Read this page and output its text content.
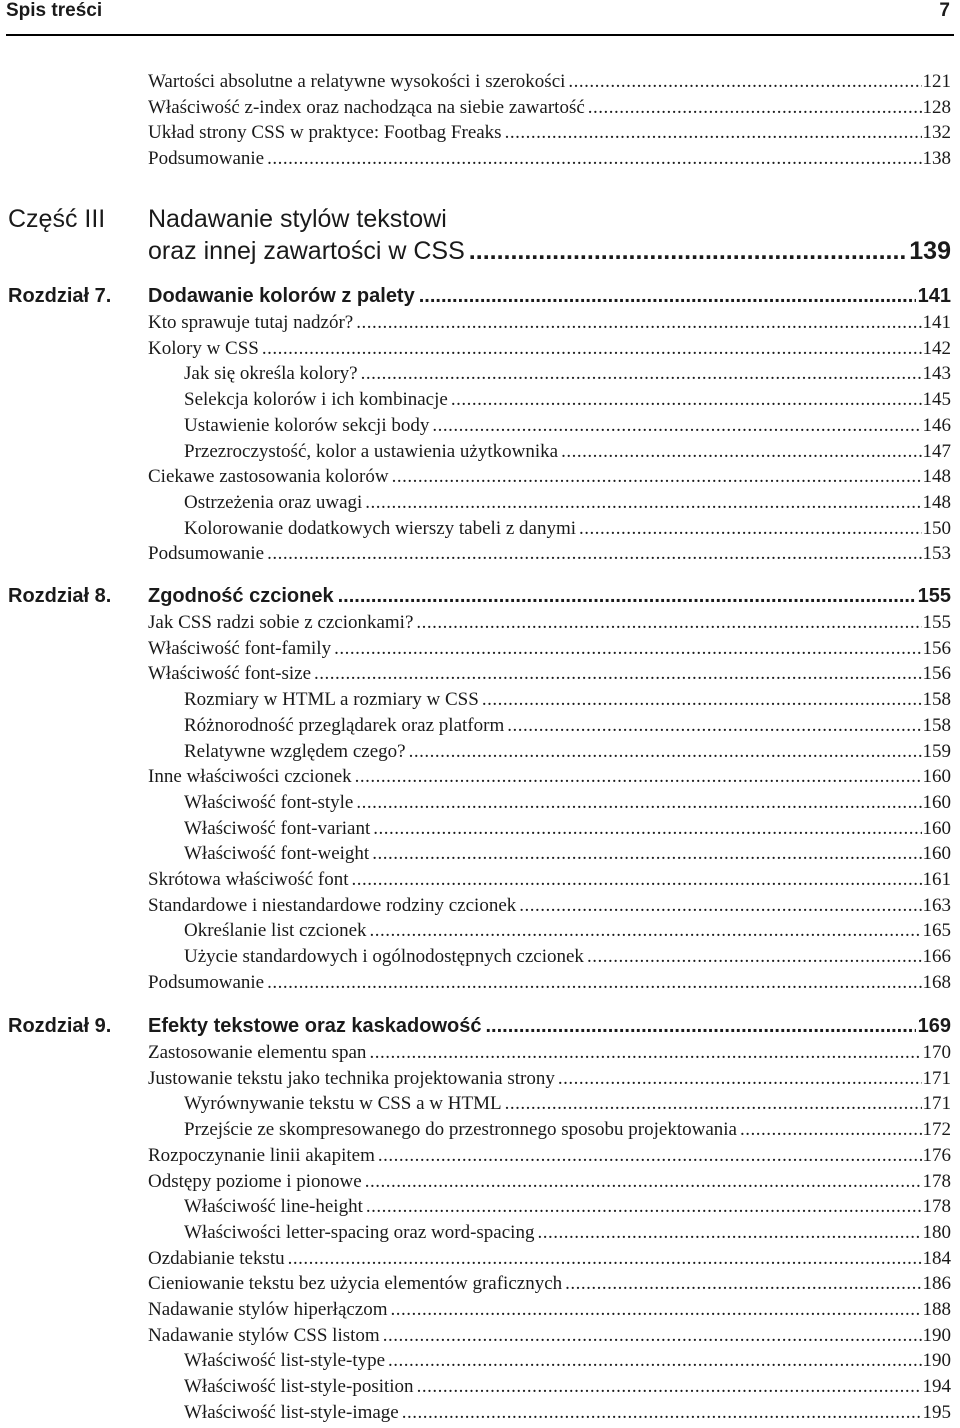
Spis treści	7
Część III Nadawanie stylów tekstowi
oraz innej zawartości w CSS .....	139
Wartości absolutne a relatywne wysokości i szerokości .....	121
Właściwość z-index oraz nachodząca na siebie zawartość .....	128
Układ strony CSS w praktyce: Footbag Freaks .....	132
Podsumowanie .....	138
Rozdział 7. Dodawanie kolorów z palety .....	141
Kto sprawuje tutaj nadzór? .....	141
Kolory w CSS .....	142
Jak się określa kolory? .....	143
Selekcja kolorów i ich kombinacje .....	145
Ustawienie kolorów sekcji body .....	146
Przezroczystość, kolor a ustawienia użytkownika .....	147
Ciekawe zastosowania kolorów .....	148
Ostrzeżenia oraz uwagi .....	148
Kolorowanie dodatkowych wierszy tabeli z danymi .....	150
Podsumowanie .....	153
Rozdział 8. Zgodność czcionek .....	155
Jak CSS radzi sobie z czcionkami? .....	155
Właściwość font-family .....	156
Właściwość font-size .....	156
Rozmiary w HTML a rozmiary w CSS .....	158
Różnorodność przeglądarek oraz platform .....	158
Relatywne względem czego? .....	159
Inne właściwości czcionek .....	160
Właściwość font-style .....	160
Właściwość font-variant .....	160
Właściwość font-weight .....	160
Skrótowa właściwość font .....	161
Standardowe i niestandardowe rodziny czcionek .....	163
Określanie list czcionek .....	165
Użycie standardowych i ogólnodostępnych czcionek .....	166
Podsumowanie .....	168
Rozdział 9. Efekty tekstowe oraz kaskadowość .....	169
Zastosowanie elementu span .....	170
Justowanie tekstu jako technika projektowania strony .....	171
Wyrównywanie tekstu w CSS a w HTML .....	171
Przejście ze skompresowanego do przestronnego sposobu projektowania .....	172
Rozpoczynanie linii akapitem .....	176
Odstępy poziome i pionowe .....	178
Właściwość line-height .....	178
Właściwości letter-spacing oraz word-spacing .....	180
Ozdabianie tekstu .....	184
Cieniowanie tekstu bez użycia elementów graficznych .....	186
Nadawanie stylów hiperłączom .....	188
Nadawanie stylów CSS listom .....	190
Właściwość list-style-type .....	190
Właściwość list-style-position .....	194
Właściwość list-style-image .....	195
